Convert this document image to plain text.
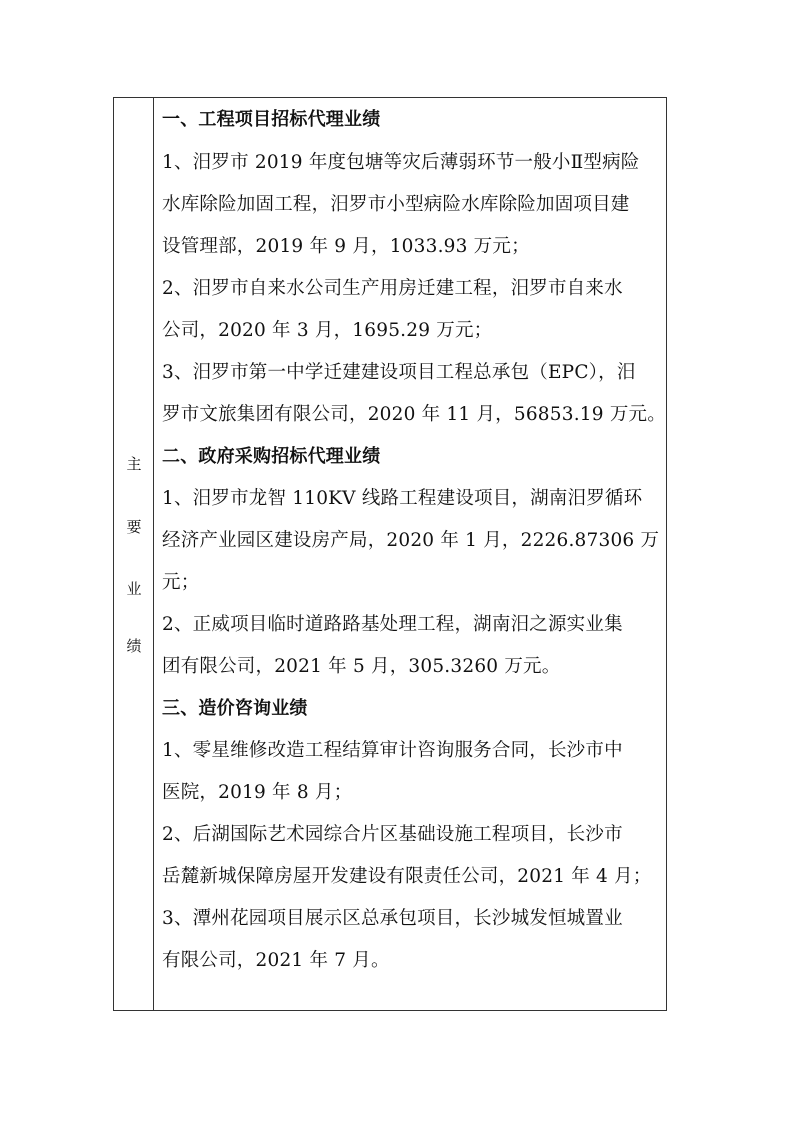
主
要
业
绩
一、工程项目招标代理业绩
1、汨罗市 2019 年度包塘等灾后薄弱环节一般小Ⅱ型病险
水库除险加固工程，汨罗市小型病险水库除险加固项目建
设管理部，2019 年 9 月，1033.93 万元；
2、汨罗市自来水公司生产用房迁建工程，汨罗市自来水
公司，2020 年 3 月，1695.29 万元；
3、汨罗市第一中学迁建建设项目工程总承包（EPC），汨
罗市文旅集团有限公司，2020 年 11 月，56853.19 万元。
二、政府采购招标代理业绩
1、汨罗市龙智 110KV 线路工程建设项目，湖南汨罗循环
经济产业园区建设房产局，2020 年 1 月，2226.87306 万
元；
2、正威项目临时道路路基处理工程，湖南汨之源实业集
团有限公司，2021 年 5 月，305.3260 万元。
三、造价咨询业绩
1、零星维修改造工程结算审计咨询服务合同，长沙市中
医院，2019 年 8 月；
2、后湖国际艺术园综合片区基础设施工程项目，长沙市
岳麓新城保障房屋开发建设有限责任公司，2021 年 4 月；
3、潭州花园项目展示区总承包项目，长沙城发恒城置业
有限公司，2021 年 7 月。
